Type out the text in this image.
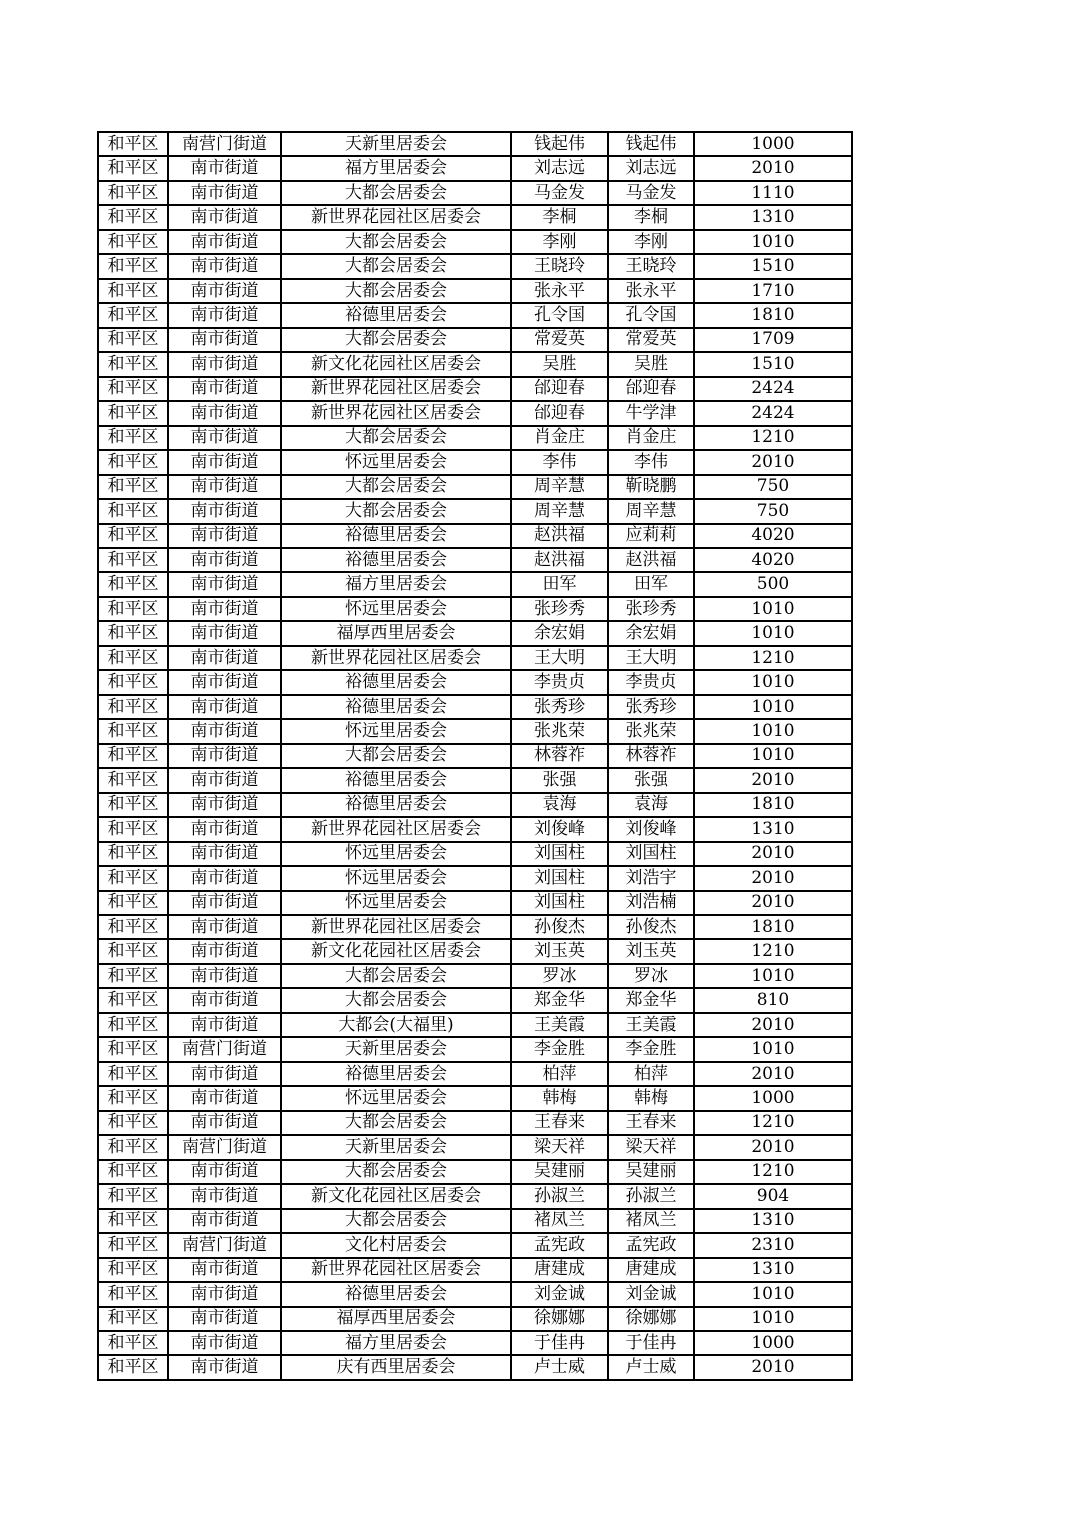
和平区	南营门街道	天新里居委会	钱起伟	钱起伟	1000
和平区	南市街道	福方里居委会	刘志远	刘志远	2010
和平区	南市街道	大都会居委会	马金发	马金发	1110
和平区	南市街道	新世界花园社区居委会	李桐	李桐	1310
和平区	南市街道	大都会居委会	李刚	李刚	1010
和平区	南市街道	大都会居委会	王晓玲	王晓玲	1510
和平区	南市街道	大都会居委会	张永平	张永平	1710
和平区	南市街道	裕德里居委会	孔令国	孔令国	1810
和平区	南市街道	大都会居委会	常爱英	常爱英	1709
和平区	南市街道	新文化花园社区居委会	吴胜	吴胜	1510
和平区	南市街道	新世界花园社区居委会	邰迎春	邰迎春	2424
和平区	南市街道	新世界花园社区居委会	邰迎春	牛学津	2424
和平区	南市街道	大都会居委会	肖金庄	肖金庄	1210
和平区	南市街道	怀远里居委会	李伟	李伟	2010
和平区	南市街道	大都会居委会	周辛慧	靳晓鹏	750
和平区	南市街道	大都会居委会	周辛慧	周辛慧	750
和平区	南市街道	裕德里居委会	赵洪福	应莉莉	4020
和平区	南市街道	裕德里居委会	赵洪福	赵洪福	4020
和平区	南市街道	福方里居委会	田军	田军	500
和平区	南市街道	怀远里居委会	张珍秀	张珍秀	1010
和平区	南市街道	福厚西里居委会	余宏娟	余宏娟	1010
和平区	南市街道	新世界花园社区居委会	王大明	王大明	1210
和平区	南市街道	裕德里居委会	李贵贞	李贵贞	1010
和平区	南市街道	裕德里居委会	张秀珍	张秀珍	1010
和平区	南市街道	怀远里居委会	张兆荣	张兆荣	1010
和平区	南市街道	大都会居委会	林蓉祚	林蓉祚	1010
和平区	南市街道	裕德里居委会	张强	张强	2010
和平区	南市街道	裕德里居委会	袁海	袁海	1810
和平区	南市街道	新世界花园社区居委会	刘俊峰	刘俊峰	1310
和平区	南市街道	怀远里居委会	刘国柱	刘国柱	2010
和平区	南市街道	怀远里居委会	刘国柱	刘浩宇	2010
和平区	南市街道	怀远里居委会	刘国柱	刘浩楠	2010
和平区	南市街道	新世界花园社区居委会	孙俊杰	孙俊杰	1810
和平区	南市街道	新文化花园社区居委会	刘玉英	刘玉英	1210
和平区	南市街道	大都会居委会	罗冰	罗冰	1010
和平区	南市街道	大都会居委会	郑金华	郑金华	810
和平区	南市街道	大都会(大福里)	王美霞	王美霞	2010
和平区	南营门街道	天新里居委会	李金胜	李金胜	1010
和平区	南市街道	裕德里居委会	柏萍	柏萍	2010
和平区	南市街道	怀远里居委会	韩梅	韩梅	1000
和平区	南市街道	大都会居委会	王春来	王春来	1210
和平区	南营门街道	天新里居委会	梁天祥	梁天祥	2010
和平区	南市街道	大都会居委会	吴建丽	吴建丽	1210
和平区	南市街道	新文化花园社区居委会	孙淑兰	孙淑兰	904
和平区	南市街道	大都会居委会	褚凤兰	褚凤兰	1310
和平区	南营门街道	文化村居委会	孟宪政	孟宪政	2310
和平区	南市街道	新世界花园社区居委会	唐建成	唐建成	1310
和平区	南市街道	裕德里居委会	刘金诚	刘金诚	1010
和平区	南市街道	福厚西里居委会	徐娜娜	徐娜娜	1010
和平区	南市街道	福方里居委会	于佳冉	于佳冉	1000
和平区	南市街道	庆有西里居委会	卢士威	卢士威	2010
